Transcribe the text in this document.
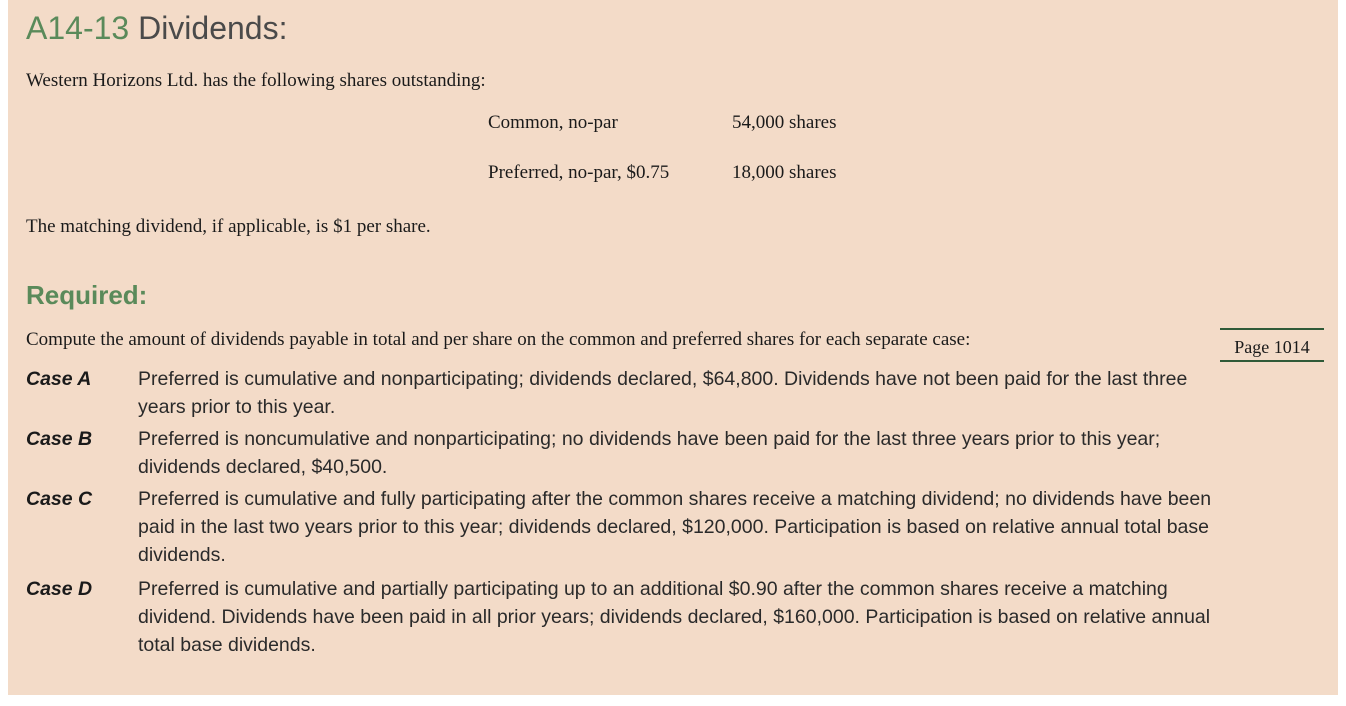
A14-13 Dividends:
Western Horizons Ltd. has the following shares outstanding:
Common, no-par	54,000 shares
Preferred, no-par, $0.75	18,000 shares
The matching dividend, if applicable, is $1 per share.
Required:
Compute the amount of dividends payable in total and per share on the common and preferred shares for each separate case:	Page 1014
Case A Preferred is cumulative and nonparticipating; dividends declared, $64,800. Dividends have not been paid for the last three years prior to this year.
Case B Preferred is noncumulative and nonparticipating; no dividends have been paid for the last three years prior to this year; dividends declared, $40,500.
Case C Preferred is cumulative and fully participating after the common shares receive a matching dividend; no dividends have been paid in the last two years prior to this year; dividends declared, $120,000. Participation is based on relative annual total base dividends.
Case D Preferred is cumulative and partially participating up to an additional $0.90 after the common shares receive a matching dividend. Dividends have been paid in all prior years; dividends declared, $160,000. Participation is based on relative annual total base dividends.
